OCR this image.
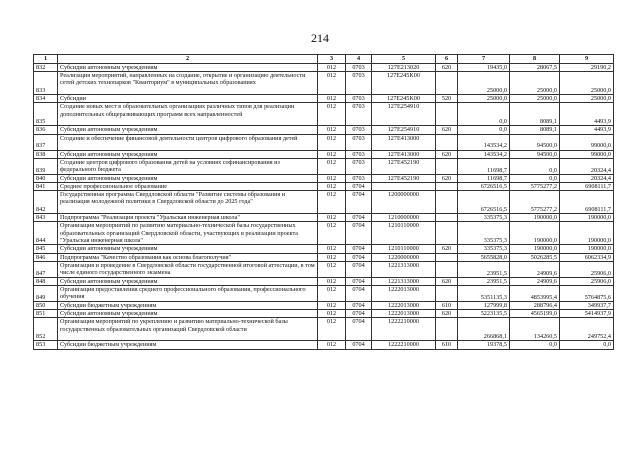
214
1	2	3	4	5	6	7	8	9
832	Субсидии автономным учреждениям	012	0703	127E213020	620	19435,0	28067,5	29190,2
833	Реализация мероприятий, направленных на создание, открытие и организацию деятельности сетей детских технопарков "Кванториум" в муниципальных образованиях	012	0703	127E245K00		25000,0	25000,0	25000,0
834	Субсидии	012	0703	127E245K00	520	25000,0	25000,0	25000,0
835	Создание новых мест в образовательных организациях различных типов для реализации дополнительных общеразвивающих программ всех направленностей	012	0703	127E254910		0,0	8089,1	4493,9
836	Субсидии автономным учреждениям	012	0703	127E254910	620	0,0	8089,1	4493,9
837	Создание и обеспечение финансовой деятельности центров цифрового образования детей	012	0703	127E413000		143534,2	94500,0	99000,0
838	Субсидии автономным учреждениям	012	0703	127E413000	620	143534,2	94500,0	99000,0
839	Создание центров цифрового образования детей на условиях софинансирования из федерального бюджета	012	0703	127E452190		11698,7	0,0	20324,4
840	Субсидии автономным учреждениям	012	0703	127E452190	620	11698,7	0,0	20324,4
841	Среднее профессиональное образование	012	0704			6726516,5	5775277,2	6908111,7
842	Государственная программа Свердловской области "Развитие системы образования и реализация молодежной политики в Свердловской области до 2025 года"	012	0704	1200000000		6726516,5	5775277,2	6908111,7
843	Подпрограмма "Реализация проекта "Уральская инженерная школа"	012	0704	1210000000		335375,3	190000,0	190000,0
844	Организация мероприятий по развитию материально-технической базы государственных образовательных организаций Свердловской области, участвующих в реализации проекта "Уральская инженерная школа"	012	0704	1210110000		335375,3	190000,0	190000,0
845	Субсидии автономным учреждениям	012	0704	1210110000	620	335375,3	190000,0	190000,0
846	Подпрограмма "Качество образования как основа благополучия"	012	0704	1220000000		5655828,0	5026285,5	6062334,9
847	Организация и проведение в Свердловской области государственной итоговой аттестации, в том числе единого государственного экзамена	012	0704	1221313000		23951,5	24909,6	25906,0
848	Субсидии автономным учреждениям	012	0704	1221313000	620	23951,5	24909,6	25906,0
849	Организация предоставления среднего профессионального образования, профессионального обучения	012	0704	1222013000		5351135,3	4853995,4	5764875,6
850	Субсидии бюджетным учреждениям	012	0704	1222013000	610	127999,8	288796,4	349937,7
851	Субсидии автономным учреждениям	012	0704	1222013000	620	5223135,5	4565199,0	5414937,9
852	Организация мероприятий по укреплению и развитию материально-технической базы государственных образовательных организаций Свердловской области	012	0704	1222210000		266868,1	134260,5	249752,4
853	Субсидии бюджетным учреждениям	012	0704	1222210000	610	19378,5	0,0	0,0
